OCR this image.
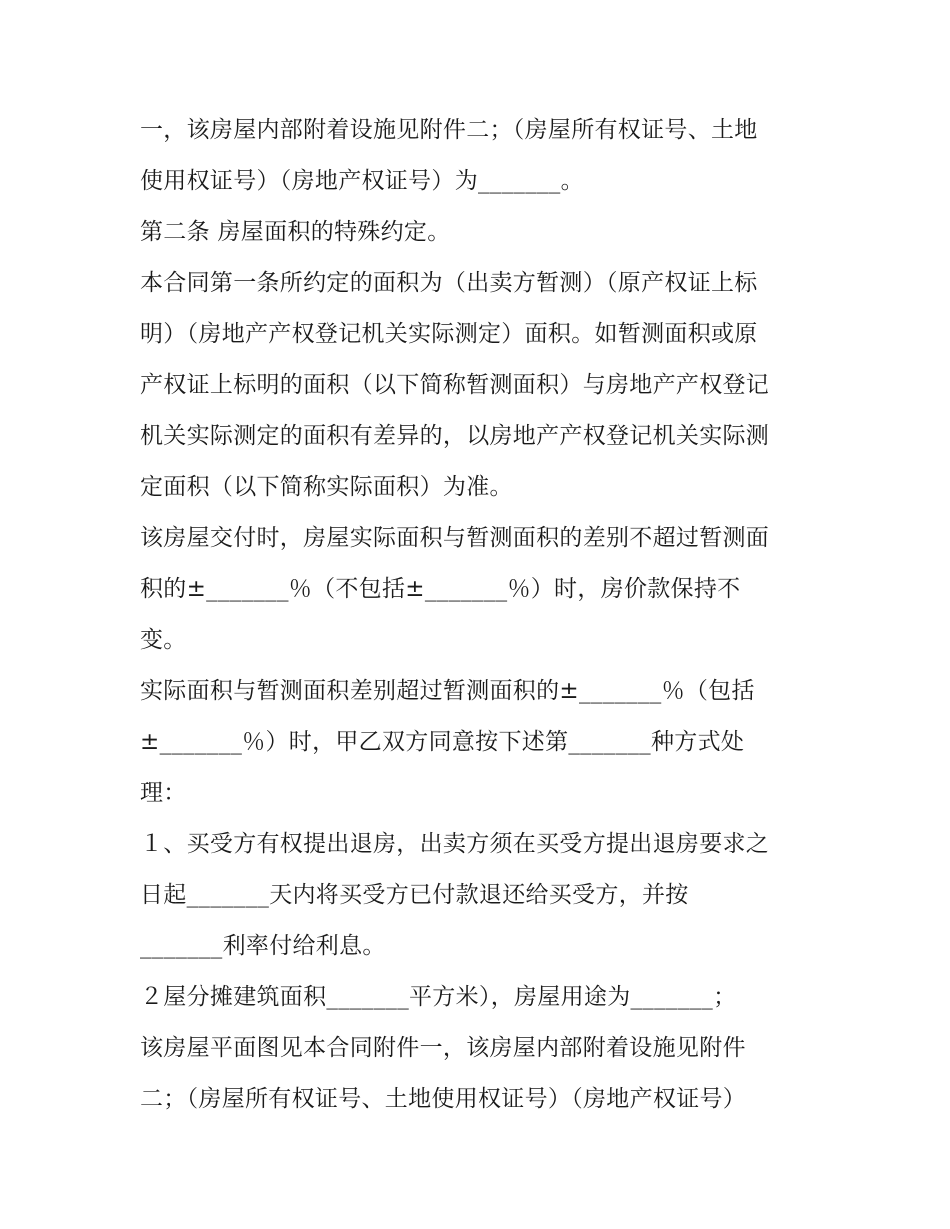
一，该房屋内部附着设施见附件二；（房屋所有权证号、土地
使用权证号）（房地产权证号）为_______。
第二条 房屋面积的特殊约定。
本合同第一条所约定的面积为（出卖方暂测）（原产权证上标
明）（房地产产权登记机关实际测定）面积。如暂测面积或原
产权证上标明的面积（以下简称暂测面积）与房地产产权登记
机关实际测定的面积有差异的，以房地产产权登记机关实际测
定面积（以下简称实际面积）为准。
该房屋交付时，房屋实际面积与暂测面积的差别不超过暂测面
积的±_______％（不包括±_______％）时，房价款保持不
变。
实际面积与暂测面积差别超过暂测面积的±_______％（包括
±_______％）时，甲乙双方同意按下述第_______种方式处
理：
１、买受方有权提出退房，出卖方须在买受方提出退房要求之
日起_______天内将买受方已付款退还给买受方，并按
_______利率付给利息。
２屋分摊建筑面积_______平方米），房屋用途为_______；
该房屋平面图见本合同附件一，该房屋内部附着设施见附件
二；（房屋所有权证号、土地使用权证号）（房地产权证号）
